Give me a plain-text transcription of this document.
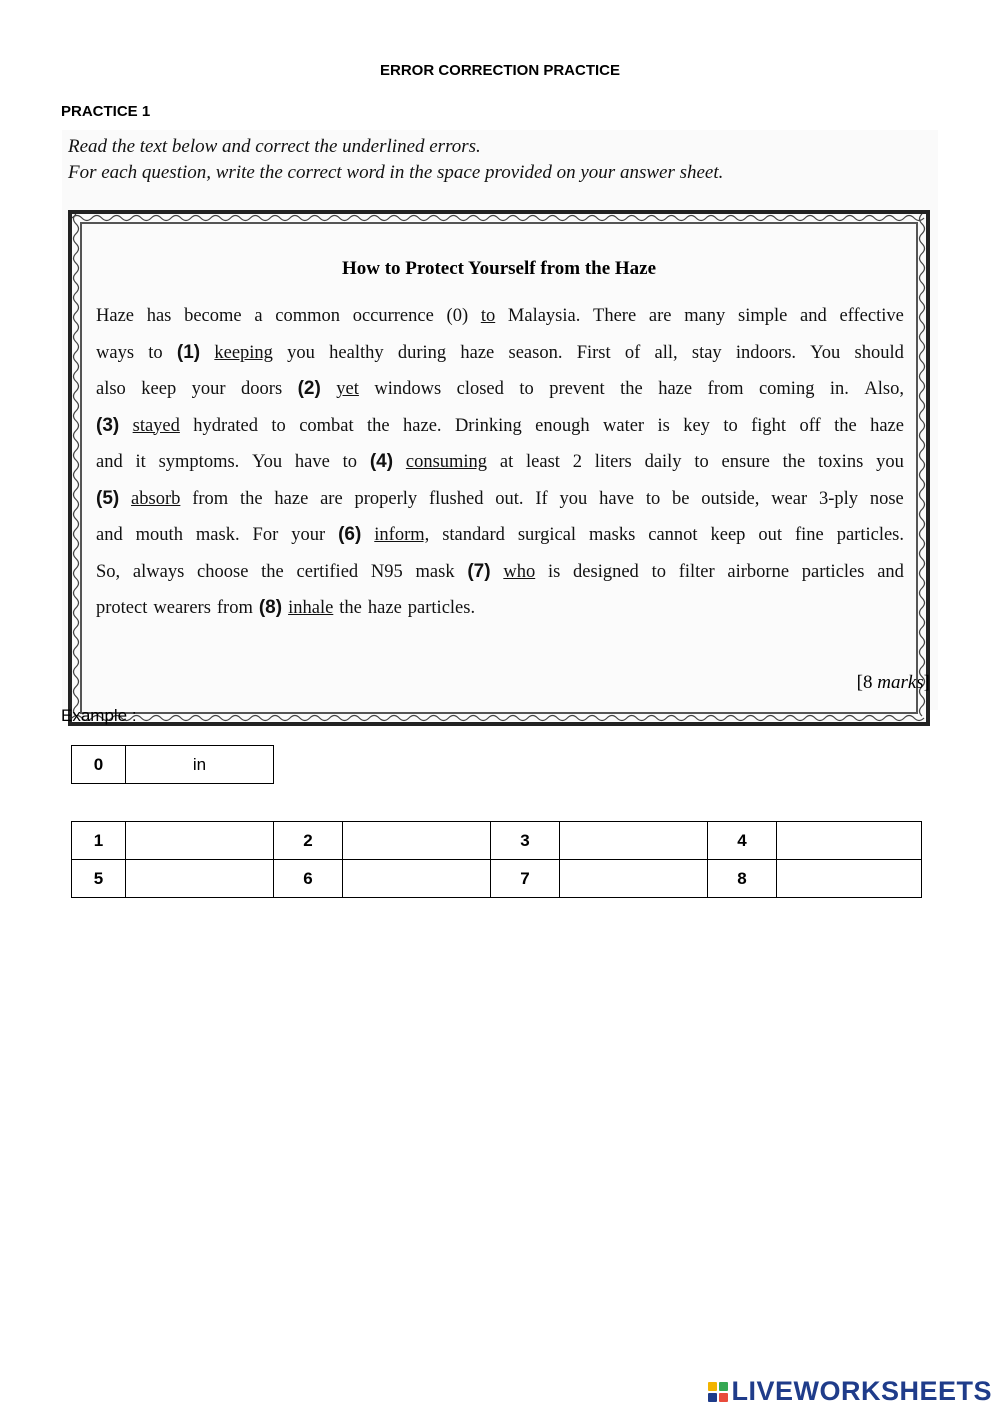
ERROR CORRECTION PRACTICE
PRACTICE 1
Read the text below and correct the underlined errors.
For each question, write the correct word in the space provided on your answer sheet.
How to Protect Yourself from the Haze
Haze has become a common occurrence (0) to Malaysia. There are many simple and effective
ways to (1) keeping you healthy during haze season. First of all, stay indoors. You should
also keep your doors (2) yet windows closed to prevent the haze from coming in. Also,
(3) stayed hydrated to combat the haze. Drinking enough water is key to fight off the haze
and it symptoms. You have to (4) consuming at least 2 liters daily to ensure the toxins you
(5) absorb from the haze are properly flushed out. If you have to be outside, wear 3-ply nose
and mouth mask. For your (6) inform, standard surgical masks cannot keep out fine particles.
So, always choose the certified N95 mask (7) who is designed to filter airborne particles and
protect wearers from (8) inhale the haze particles.
[8 marks]
Example :
0	in
1		2		3		4	
5		6		7		8	
LIVEWORKSHEETS
